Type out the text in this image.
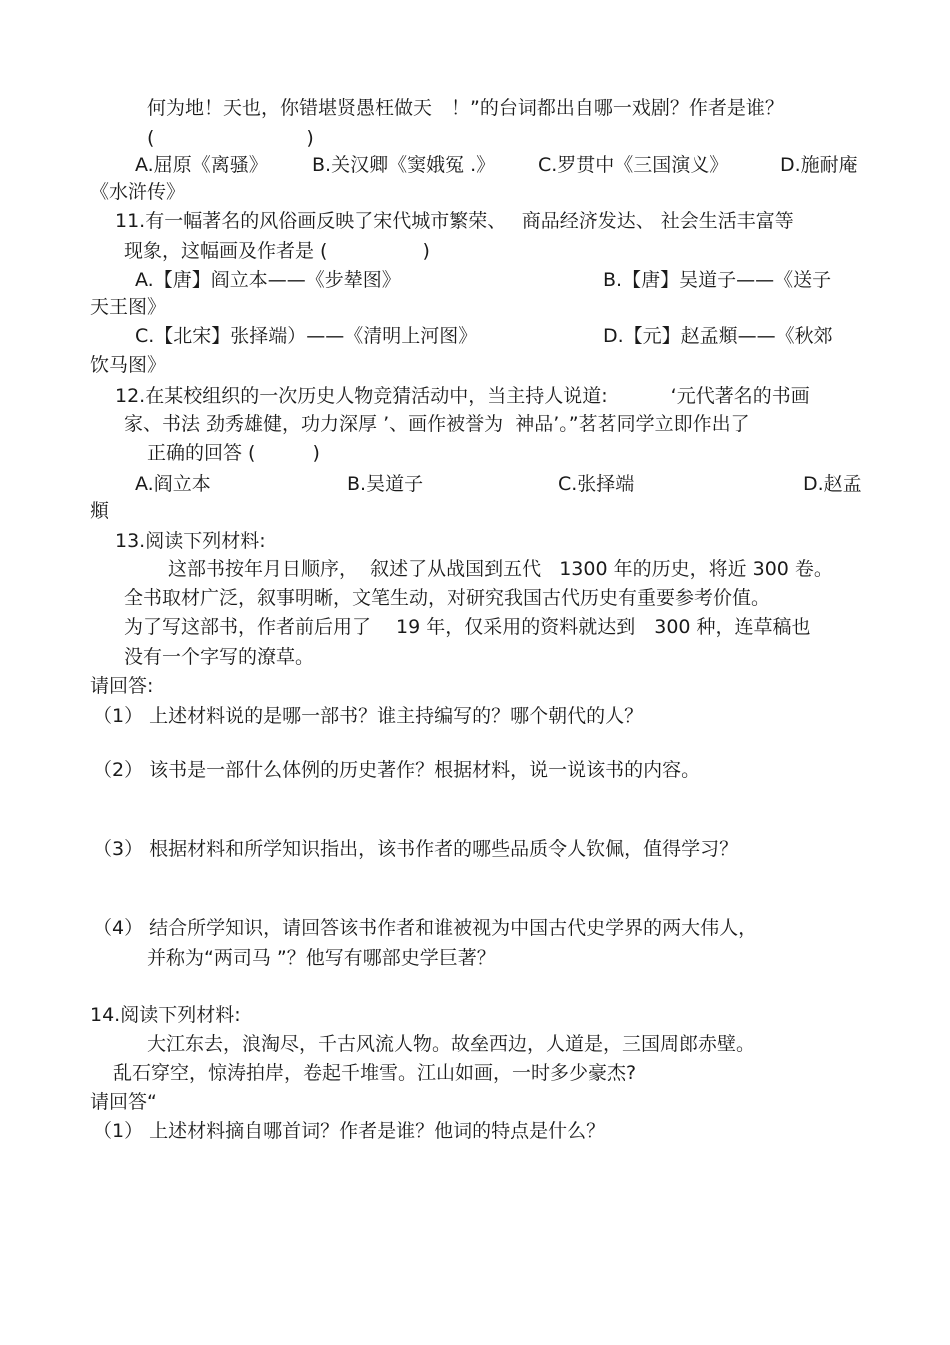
何为地！天也，你错堪贤愚枉做天　！”的台词都出自哪一戏剧？作者是谁？
(　　　　　　　　)
A.屈原《离骚》 B.关汉卿《窦娥冤 .》 C.罗贯中《三国演义》	D.施耐庵
《水浒传》
11.有一幅著名的风俗画反映了宋代城市繁荣、　 商品经济发达、 社会生活丰富等
现象，这幅画及作者是 (　　　　　)
A.【唐】阎立本——《步辇图》	B.【唐】吴道子——《送子
天王图》
C.【北宋】张择端）——《清明上河图》	D.【元】赵孟頫——《秋郊
饮马图》
12.在某校组织的一次历史人物竞猜活动中，当主持人说道:　　　 ‘元代著名的书画
家、书法 劲秀雄健，功力深厚 ’、画作被誉为  神品’。”茗茗同学立即作出了
正确的回答 (　　　)
A.阎立本	B.吴道子	C.张择端	D.赵孟
頫
13.阅读下列材料:
这部书按年月日顺序，  叙述了从战国到五代   1300 年的历史，将近 300 卷。
全书取材广泛，叙事明晰，文笔生动，对研究我国古代历史有重要参考价值。
为了写这部书，作者前后用了　 19 年，仅采用的资料就达到　300 种，连草稿也
没有一个字写的潦草。
请回答:
（1） 上述材料说的是哪一部书？谁主持编写的？哪个朝代的人？
（2） 该书是一部什么体例的历史著作？根据材料，说一说该书的内容。
（3） 根据材料和所学知识指出，该书作者的哪些品质令人钦佩，值得学习？
（4） 结合所学知识，请回答该书作者和谁被视为中国古代史学界的两大伟人，
并称为“两司马 ”？他写有哪部史学巨著？
14.阅读下列材料:
大江东去，浪淘尽，千古风流人物。故垒西边，人道是，三国周郎赤壁。
乱石穿空，惊涛拍岸，卷起千堆雪。江山如画，一时多少豪杰?
请回答“
（1） 上述材料摘自哪首词？作者是谁？他词的特点是什么？
